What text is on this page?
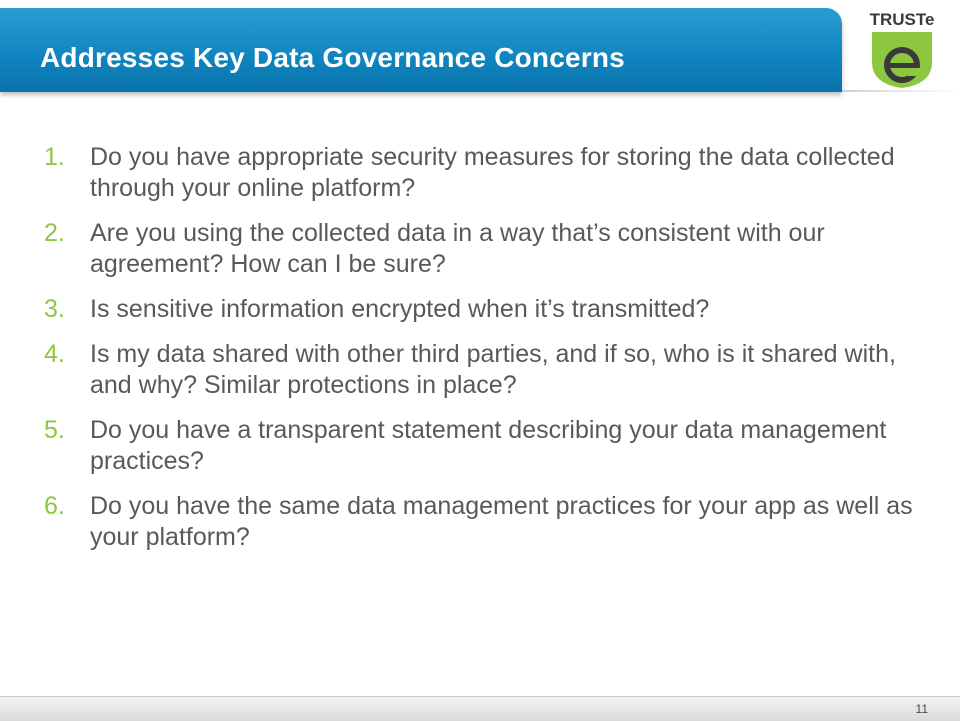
Addresses Key Data Governance Concerns
TRUSTe
1. Do you have appropriate security measures for storing the data collected through your online platform?
2. Are you using the collected data in a way that’s consistent with our agreement? How can I be sure?
3. Is sensitive information encrypted when it’s transmitted?
4. Is my data shared with other third parties, and if so, who is it shared with, and why? Similar protections in place?
5. Do you have a transparent statement describing your data management practices?
6. Do you have the same data management practices for your app as well as your platform?
11
